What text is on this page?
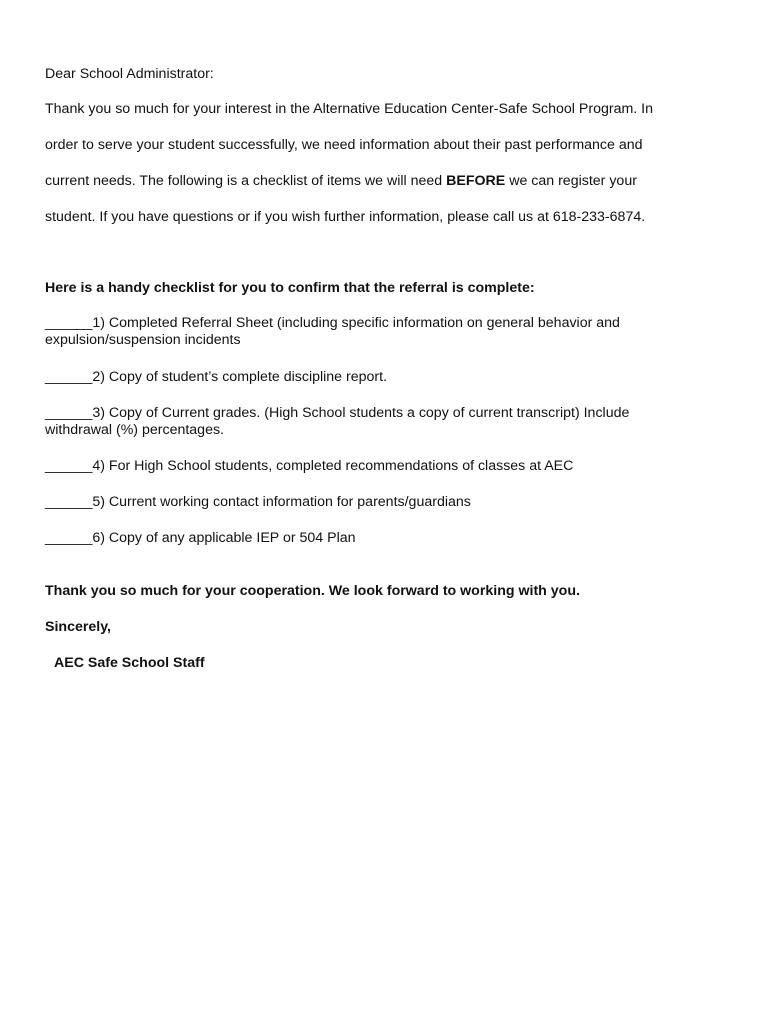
Dear School Administrator:

Thank you so much for your interest in the Alternative Education Center-Safe School Program. In

order to serve your student successfully, we need information about their past performance and

current needs. The following is a checklist of items we will need BEFORE we can register your

student. If you have questions or if you wish further information, please call us at 618-233-6874.

Here is a handy checklist for you to confirm that the referral is complete:

______1) Completed Referral Sheet (including specific information on general behavior and
expulsion/suspension incidents
______2) Copy of student’s complete discipline report.
______3) Copy of Current grades. (High School students a copy of current transcript) Include
withdrawal (%) percentages.
______4) For High School students, completed recommendations of classes at AEC
______5) Current working contact information for parents/guardians
______6) Copy of any applicable IEP or 504 Plan

Thank you so much for your cooperation. We look forward to working with you.

Sincerely,

AEC Safe School Staff
